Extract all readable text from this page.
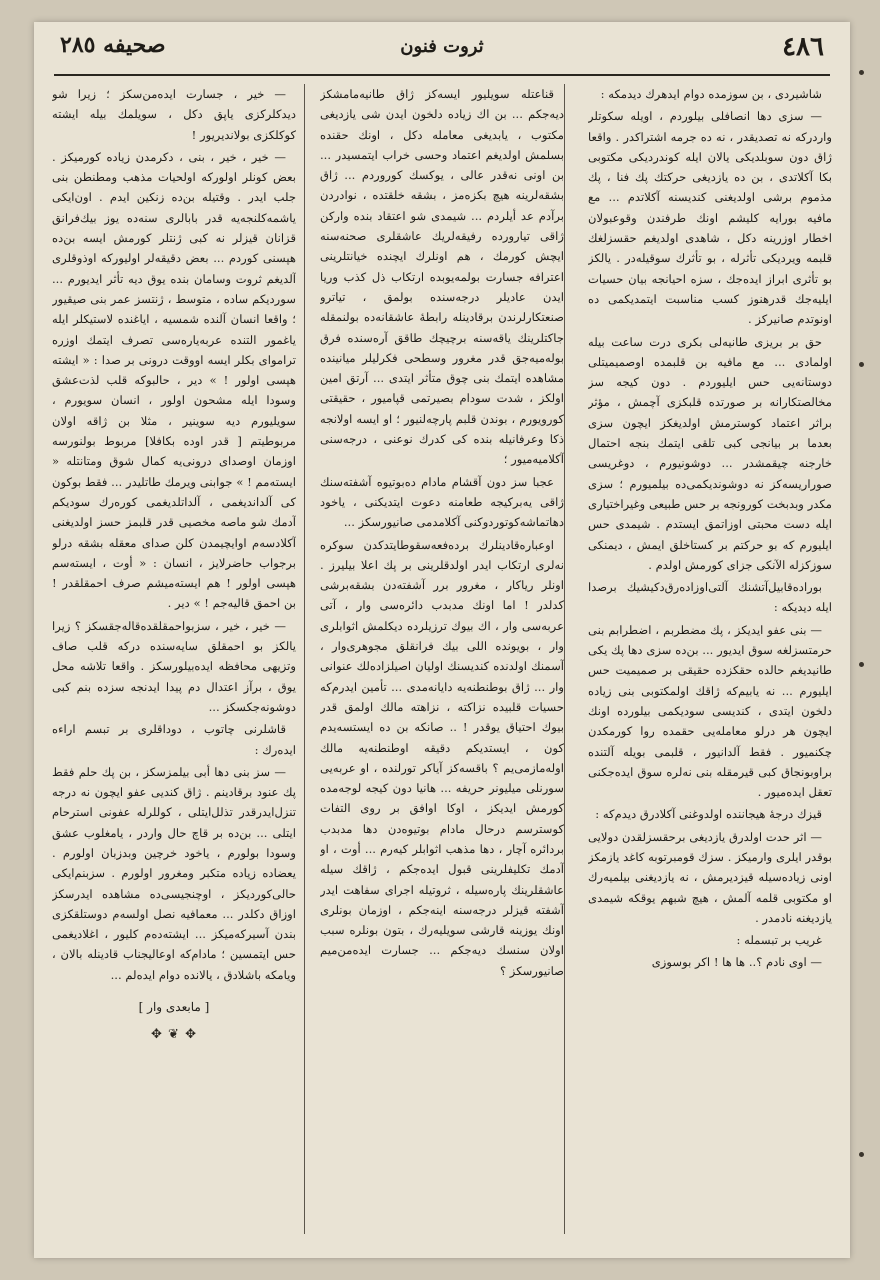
٤٨٦
ثروت فنون
صحيفه ٢٨٥

شاشيردى ، بن سوزمده دوام ايدهرك ديدمكه :

— سزى دها انصافلى بيلوردم ، اويله سكوتلر واردركه نه تصديقدر ، نه ده جرمه اشتراكدر . واقعا ژاق دون سوبلديكى يالان ايله كوندرديكى مكتوبى بكا آكلاتدى ، بن ده يازديغى حركتك پك فنا ، پك مذموم برشى اولديغنى كنديسنه آكلاتدم ... مع مافيه بورايه كليشم اونك طرفندن وقوعبولان اخطار اوزرينه دكل ، شاهدى اولديغم حقسزلغك قلبمه ويرديكى تأثرله ، بو تأثرك سوقيله‌در . يالكز بو تأثرى ابراز ايده‌جك ، سزه احيانجه بيان حسيات ايليه‌جك قدرهنوز كسب مناسبت ايتمديكمى ده اونوتدم صانيركز .

حق بر بريزى طانيه‌لى بكرى درت ساعت بيله اولمادى ... مع مافيه بن قلبمده اوصميميتلى دوستانه‌يى حس ايليوردم . دون كيجه سز مخالصتكارانه بر صورتده قلبكزى آچمش ، مؤثر براثر اعتماد كوسترمش اولديغكز ايچون سزى بعدما بر بيانجى كبى تلقى ايتمك بنجه احتمال خارجنه چيقمشدر ... دوشونيورم ، دوغريسى صوراريسه‌كز نه دوشونديكمى‌ده بيلميورم ؛ سزى مكدر وبدبخت كورونجه بر حس طبيعى وغيراختيارى ايله دست محبتى اوزاتمق ايستدم . شيمدى حس ايليورم كه بو حركتم بر كستاخلق ايمش ، ديمنكى سوزكزله الآنكى جزاى كورمش اولدم .

بوراده‌قابيل‌آتشنك آلتى‌اوزاده‌رق‌دكيشيك برصدا ايله ديديكه :

— بنى عفو ايديكز ، پك مضطربم ، اضطرابم بنى حرمتسزلغه سوق ايديور ... بن‌ده سزى دها پك يكى طانيديغم حالده حقكزده حقيقى بر صميميت حس ايليورم ... نه يابيم‌كه ژاقك اولمكتوبى بنى زياده دلخون ايتدى ، كنديسى سوديكمى بيلورده اونك ايچون هر درلو معامله‌يى حقمده روا كورمكدن چكنميور . فقط آلدانيور ، قلبمى بويله آلتنده براوبونجاق كبى قيرمقله بنى نه‌لره سوق ايده‌جكنى تعقل ايده‌ميور .

قيزك درجۀ هيجاننده اولدوغنى آكلادرق ديدم‌كه :

— اثر حدت اولدرق يازديغى برحقسزلقدن دولايى بوقدر ايلرى وارميكز . سزك قومبرتوبه كاغد يازمكز اونى زياده‌سيله قيزديرمش ، نه يازديغنى بيلميه‌رك او مكتوبى قلمه آلمش ، هيچ شبهم يوقكه شيمدى يازديغنه نادمدر .

غريب بر تبسمله :

— اوى نادم ؟.. ها ها ! اكر بوسوزى

قناعتله سويليور ايسه‌كز ژاق طانيه‌مامشكز ديه‌جكم ... بن اك زياده دلخون ايدن شى يازديغى مكتوب ، يابديغى معامله دكل ، اونك حقنده بسلمش اولديغم اعتماد وحسى خراب ايتمسيدر ... بن اونى نه‌قدر عالى ، يوكسك كوروردم ... ژاق بشقه‌لرينه هيچ بكزه‌مز ، بشقه خلقتده ، نوادردن برآدم عد أيلردم ... شيمدى شو اعتقاد بنده وارکن ژاقى تيارورده رفيقه‌لريك عاشقلرى صحنه‌سنه ايچش كورمك ، هم اونلرك ايچنده خيانتلرينى اعترافه جسارت بولمه‌يوبده ارتكاب ذل كذب وريا ايدن عاديلر درجه‌سنده بولمق ، تياترو صنعتكارلرندن برقادينله رابطۀ عاشقانه‌ده بولنمقله جاكتلرينك ياقه‌سنه برچيچك طاقق آره‌سنده فرق بوله‌ميه‌جق قدر مغرور وسطحى فكرليلر ميانينده مشاهده ايتمك بنى چوق متأثر ايتدى ... آرتق امين اولكز ، شدت سودام بصيرتمى قپاميور ، حقيقتى كورويورم ، بوندن قلبم پارچه‌لنيور ؛ او ايسه اولانجه ذكا وعرفانيله بنده كى كدرك نوعنى ، درجه‌سنى آكلاميه‌ميور ؛

عجبا سز دون آقشام مادام دەبوتيوه آشفته‌سنك ژاقى يەبركيجه طعامنه دعوت ايتديكنى ، ياخود دهاتماشه‌كوتوردوكنى آكلامدمى صانيورسكز ...

اوعبارەقادينلرك برده‌فعەسقوطايتدكدن سوكره نه‌لرى ارتكاب ايدر اولدقلرينى بر پك اعلا بيليرز . اونلر رياكار ، مغرور برر آشفته‌دن بشقه‌برشى كدلدر ! اما اونك مدبدب دائره‌سى وار ، آتى عربه‌سى وار ، اك بيوك ترزيلرده دیكلمش اثوابلرى وار ، بويونده اللى بيك فرانقلق مجوهرى‌وار ، آسمنك اولدنده كنديسنك اوليان اصيلزادەلك عنوانى وار ... ژاق بوطنطنه‌يه دايانه‌مدى ... تأمين ايدرم‌كه حسيات قلبيده نزاكته ، نزاهته مالك اولمق قدر بيوك احتياق يوقدر ! .. صانكه بن ده ايستسه‌يدم كون ، ايستديكم دقيقه اوطنطنه‌يه مالك اولەمازمى‌يم ؟ باقسه‌كز آياكر تورلنده ، او عربه‌يى سورنلى ميليونر حريفه ... هانيا دون كيجه لوجه‌مده كورمش ايديكز ، اوكا اوافق بر روى التفات كوسترسم درحال مادام بوتيوەدن دها مدبدب بردائره آچار ، دها مذهب اثوابلر كيه‌رم ... أوت ، او آدمك تكليفلرينى قبول ايده‌جكم ، ژاقك سيلە عاشقلرينك پارەسيله ، ثروتيله اجراى سفاهت ايدر آشفته قيزلر درجه‌سنه اينه‌جكم ، اوزمان بونلرى اونك يوزينه قارشى سويليه‌رك ، بتون بونلره سبب اولان سنسك ديه‌جكم ... جسارت ايده‌من‌ميم صانيورسكز ؟

— خير ، جسارت ايده‌من‌سكز ؛ زيرا شو ديدكلركزى ياپق دكل ، سويلمك بيله ايشته كوكلكزى بولانديريور !

— خير ، خير ، بنى ، دكرمدن زياده كورميكز . بعض كونلر اولوركه اولحيات مذهب ومطنطن بنى جلب ايدر . وقتيله بن‌ده زنكين ايدم . اون‌ايكى ياشمه‌كلنجه‌يه قدر بابالرى سنه‌ده يوز بيك‌فرانق قزانان قيزلر نه كبى ژنتلر كورمش ايسه بن‌ده هپسنى كوردم ... بعض دقيقه‌لر اوليوركه اوذوقلرى آلديغم ثروت وسامان بنده يوق ديه تأثر ايديورم ... سوردیکم ساده ، متوسط ، ژنتسز عمر بنى صيقيور ؛ واقعا انسان آلنده شمسيه ، اياغنده لاستيكلر ايله ياغمور التنده عربه‌يارەسى تصرف ايتمك اوزره ترامواى بكلر ايسه اووقت درونى بر صدا : « ايشته هپسى اولور ! » دير ، حالبوكه قلب لذت‌عشق وسودا ايله مشحون اولور ، انسان سويورم ، سويليورم ديه سوينير ، مثلا بن ژاقه اولان مربوطيتم [ قدر اوده بكافلا] مربوط بولنورسه اوزمان اوصداى درونى‌يه كمال شوق ومتانتله « ايستەمم ! » جوابنى ويرمك طاتليدر ... فقط بوكون كى آلدانديغمى ، آلداتلديغمى كوره‌رك سوديكم آدمك شو ماصه مخصيى قدر قلبمز حسز اولديغنى آكلادسه‌م اوايچيمدن كلن صداى معقله بشقه درلو برجواب حاضرلايز ، انسان : « أوت ، ايسته‌سم هپسى اولور ! هم ايسته‌ميشم صرف احمقلقدر ! بن احمق قاليه‌جم ! » دير .

— خير ، خير ، سزبواحمقلقده‌قاله‌جقسكز ؟ زيرا يالكز بو احمقلق سايه‌سنده دركه قلب صاف وتزيهى محافظه ايده‌بيلورسكز . واقعا تلاشه محل يوق ، برآز اعتدال دم پيدا ايدنجه سزده بنم كبى دوشونه‌جكسكز ...

قاشلرنى چاتوب ، دوداقلرى بر تبسم اراءه ايده‌رك :

— سز بنى دها أبى بيلمزسكز ، بن پك حلم فقط پك عنود برقادينم . ژاق كنديى عفو ايچون نه درجه تنزل‌ايدرقدر تذلل‌ايتلى ، كوللرله عفونى استرحام ايتلى ... بن‌ده بر قاچ حال واردر ، يامغلوب عشق وسودا بولورم ، ياخود خرچين وبدزبان اولورم . يعضاده زياده متكبر ومغرور اولورم . سزبنم‌ايكى حالى‌كورديكز ، اوچنجيسى‌ده مشاهده ايدرسكز اوزاق دكلدر ... معمافيه نصل اولسه‌م دوستلقكزى بندن آسيركەميكز ... ايشته‌ده‌م كليور ، اغلاديغمى حس ايتمسين ؛ مادام‌كه اوعاليجناب قادينله بالان ، ويامكه‌ باشلادق ، يالانده دوام ايده‌لم ...

[ مابعدى وار ]
✥ ❦ ✥
